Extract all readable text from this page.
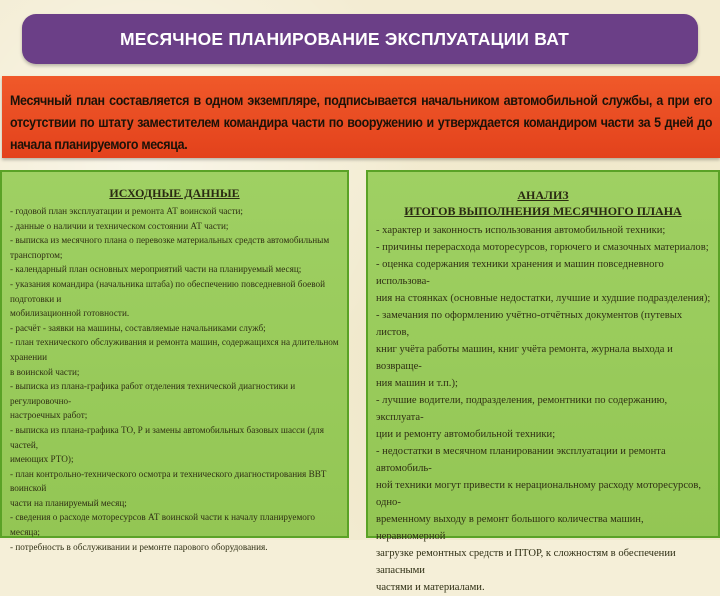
МЕСЯЧНОЕ ПЛАНИРОВАНИЕ ЭКСПЛУАТАЦИИ ВАТ
Месячный план составляется в одном экземпляре, подписывается начальником автомобильной службы, а при его отсутствии по штату заместителем командира части по вооружению и утверждается командиром части за 5 дней до начала планируемого месяца.
ИСХОДНЫЕ ДАННЫЕ
- годовой план эксплуатации и ремонта АТ воинской части;
- данные о наличии и техническом состоянии АТ части;
- выписка из месячного плана о перевозке материальных средств автомобильным транспортом;
- календарный план основных мероприятий части на планируемый месяц;
- указания командира (начальника штаба) по обеспечению повседневной боевой подготовки и
мобилизационной готовности.
- расчёт - заявки на машины, составляемые начальниками служб;
- план технического обслуживания и ремонта машин, содержащихся на длительном хранении
в воинской части;
- выписка из плана-графика работ отделения технической диагностики и регулировочно-
настроечных работ;
- выписка из плана-графика ТО, Р и замены автомобильных базовых шасси (для частей,
имеющих РТО);
- план контрольно-технического осмотра и технического диагностирования ВВТ воинской
части на планируемый месяц;
- сведения о расходе моторесурсов АТ воинской части к началу планируемого месяца;
- потребность в обслуживании и ремонте парового оборудования.
АНАЛИЗ
ИТОГОВ ВЫПОЛНЕНИЯ МЕСЯЧНОГО ПЛАНА
- характер и законность использования автомобильной техники;
- причины перерасхода моторесурсов, горючего и смазочных материалов;
- оценка содержания техники хранения и машин повседневного использова-
ния на стоянках (основные недостатки, лучшие и худшие подразделения);
- замечания по оформлению учётно-отчётных документов (путевых листов,
книг учёта работы машин, книг учёта ремонта, журнала выхода и возвраще-
ния машин и т.п.);
- лучшие водители, подразделения, ремонтники по содержанию, эксплуата-
ции и ремонту автомобильной техники;
- недостатки в месячном планировании эксплуатации и ремонта автомобиль-
ной техники могут привести к нерациональному расходу моторесурсов, одно-
временному выходу в ремонт большого количества машин, неравномерной
загрузке ремонтных средств и ПТОР, к сложностям в обеспечении запасными
частями и материалами.
